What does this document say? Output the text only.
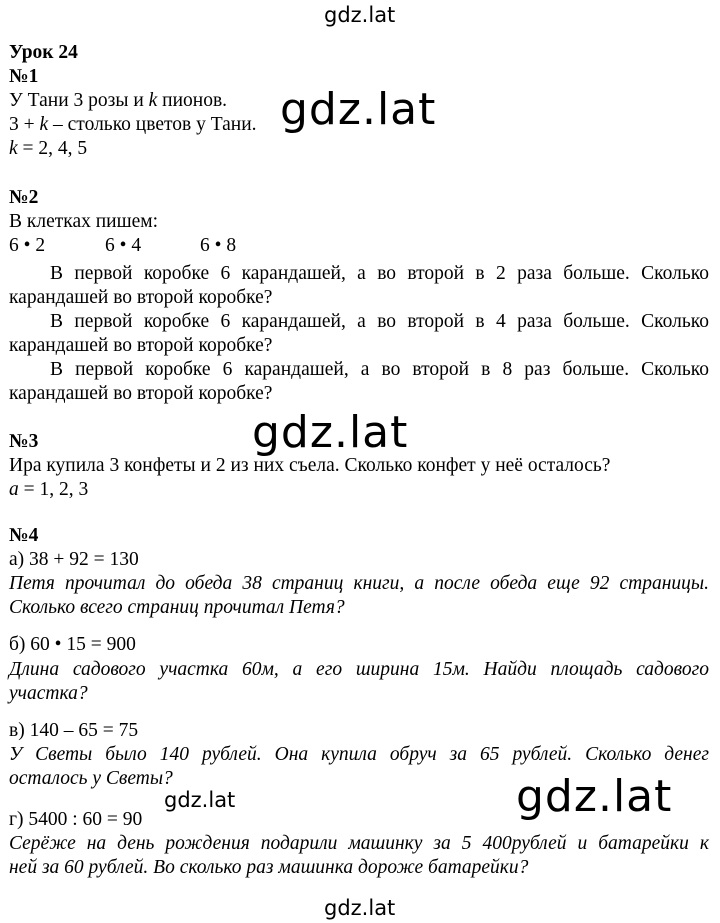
gdz.lat
gdz.lat
gdz.lat
gdz.lat	gdz.lat
gdz.lat
Урок 24
№1
У Тани 3 розы и k пионов.
3 + k – столько цветов у Тани.
k = 2, 4, 5
№2
В клетках пишем:
6 • 2	6 • 4	6 • 8
В первой коробке 6 карандашей, а во второй в 2 раза больше. Сколько
карандашей во второй коробке?
В первой коробке 6 карандашей, а во второй в 4 раза больше. Сколько
карандашей во второй коробке?
В первой коробке 6 карандашей, а во второй в 8 раз больше. Сколько
карандашей во второй коробке?
№3
Ира купила 3 конфеты и 2 из них съела. Сколько конфет у неё осталось?
a = 1, 2, 3
№4
а) 38 + 92 = 130
Петя прочитал до обеда 38 страниц книги, а после обеда еще 92 страницы.
Сколько всего страниц прочитал Петя?
б) 60 • 15 = 900
Длина садового участка 60м, а его ширина 15м. Найди площадь садового
участка?
в) 140 – 65 = 75
У Светы было 140 рублей. Она купила обруч за 65 рублей. Сколько денег
осталось у Светы?
г) 5400 : 60 = 90
Серёже на день рождения подарили машинку за 5 400рублей и батарейки к
ней за 60 рублей. Во сколько раз машинка дороже батарейки?
